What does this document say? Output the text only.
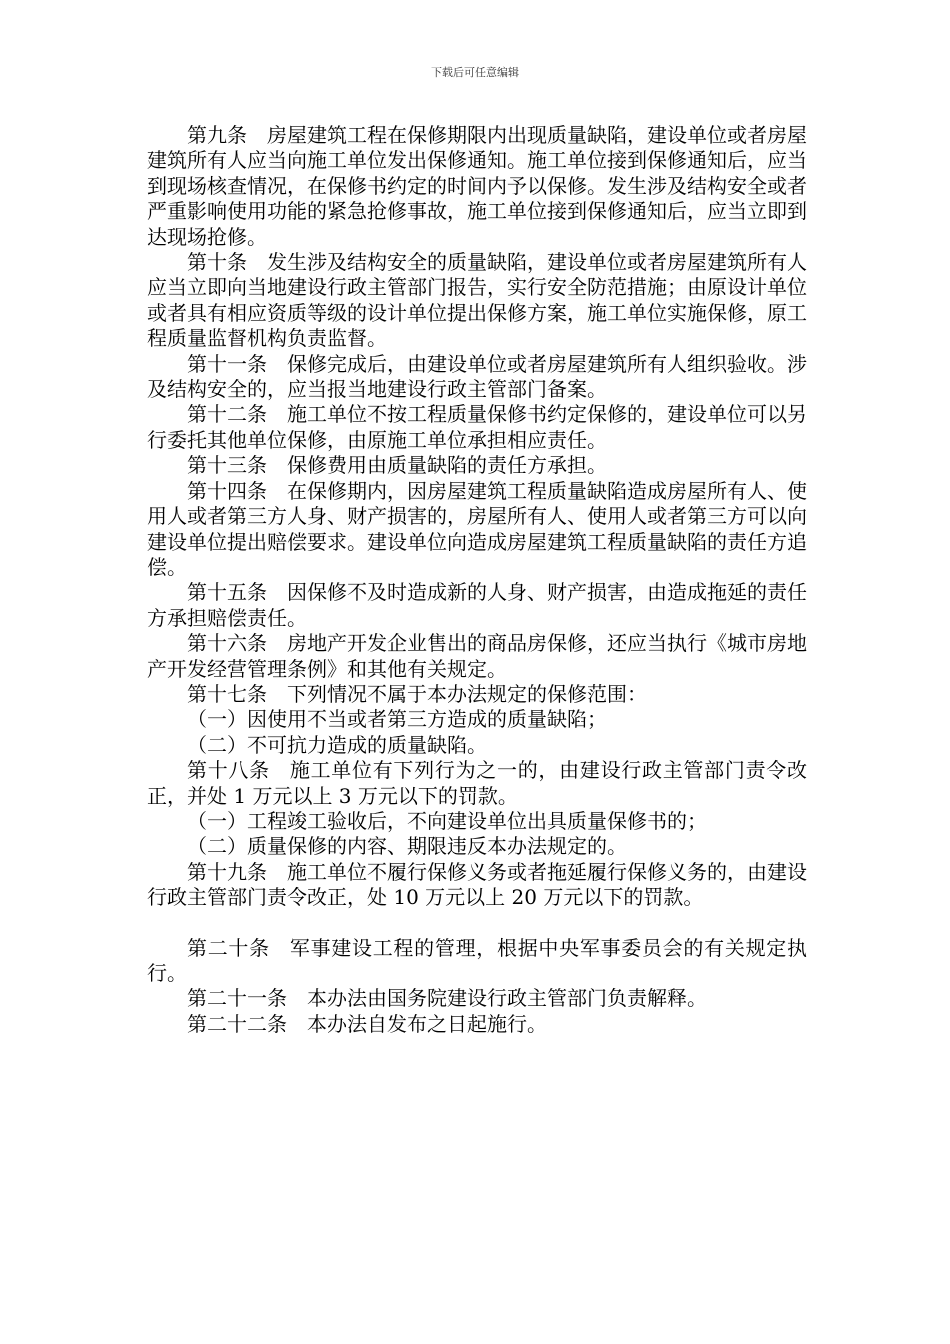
下载后可任意编辑

第九条 房屋建筑工程在保修期限内出现质量缺陷，建设单位或者房屋建筑所有人应当向施工单位发出保修通知。施工单位接到保修通知后，应当到现场核查情况，在保修书约定的时间内予以保修。发生涉及结构安全或者严重影响使用功能的紧急抢修事故，施工单位接到保修通知后，应当立即到达现场抢修。

第十条 发生涉及结构安全的质量缺陷，建设单位或者房屋建筑所有人应当立即向当地建设行政主管部门报告，实行安全防范措施；由原设计单位或者具有相应资质等级的设计单位提出保修方案，施工单位实施保修，原工程质量监督机构负责监督。

第十一条 保修完成后，由建设单位或者房屋建筑所有人组织验收。涉及结构安全的，应当报当地建设行政主管部门备案。

第十二条 施工单位不按工程质量保修书约定保修的，建设单位可以另行委托其他单位保修，由原施工单位承担相应责任。

第十三条 保修费用由质量缺陷的责任方承担。

第十四条 在保修期内，因房屋建筑工程质量缺陷造成房屋所有人、使用人或者第三方人身、财产损害的，房屋所有人、使用人或者第三方可以向建设单位提出赔偿要求。建设单位向造成房屋建筑工程质量缺陷的责任方追偿。

第十五条 因保修不及时造成新的人身、财产损害，由造成拖延的责任方承担赔偿责任。

第十六条 房地产开发企业售出的商品房保修，还应当执行《城市房地产开发经营管理条例》和其他有关规定。

第十七条 下列情况不属于本办法规定的保修范围：

（一）因使用不当或者第三方造成的质量缺陷；

（二）不可抗力造成的质量缺陷。

第十八条 施工单位有下列行为之一的，由建设行政主管部门责令改正，并处 1 万元以上 3 万元以下的罚款。

（一）工程竣工验收后，不向建设单位出具质量保修书的；

（二）质量保修的内容、期限违反本办法规定的。

第十九条 施工单位不履行保修义务或者拖延履行保修义务的，由建设行政主管部门责令改正，处 10 万元以上 20 万元以下的罚款。

第二十条 军事建设工程的管理，根据中央军事委员会的有关规定执行。

第二十一条 本办法由国务院建设行政主管部门负责解释。

第二十二条 本办法自发布之日起施行。
